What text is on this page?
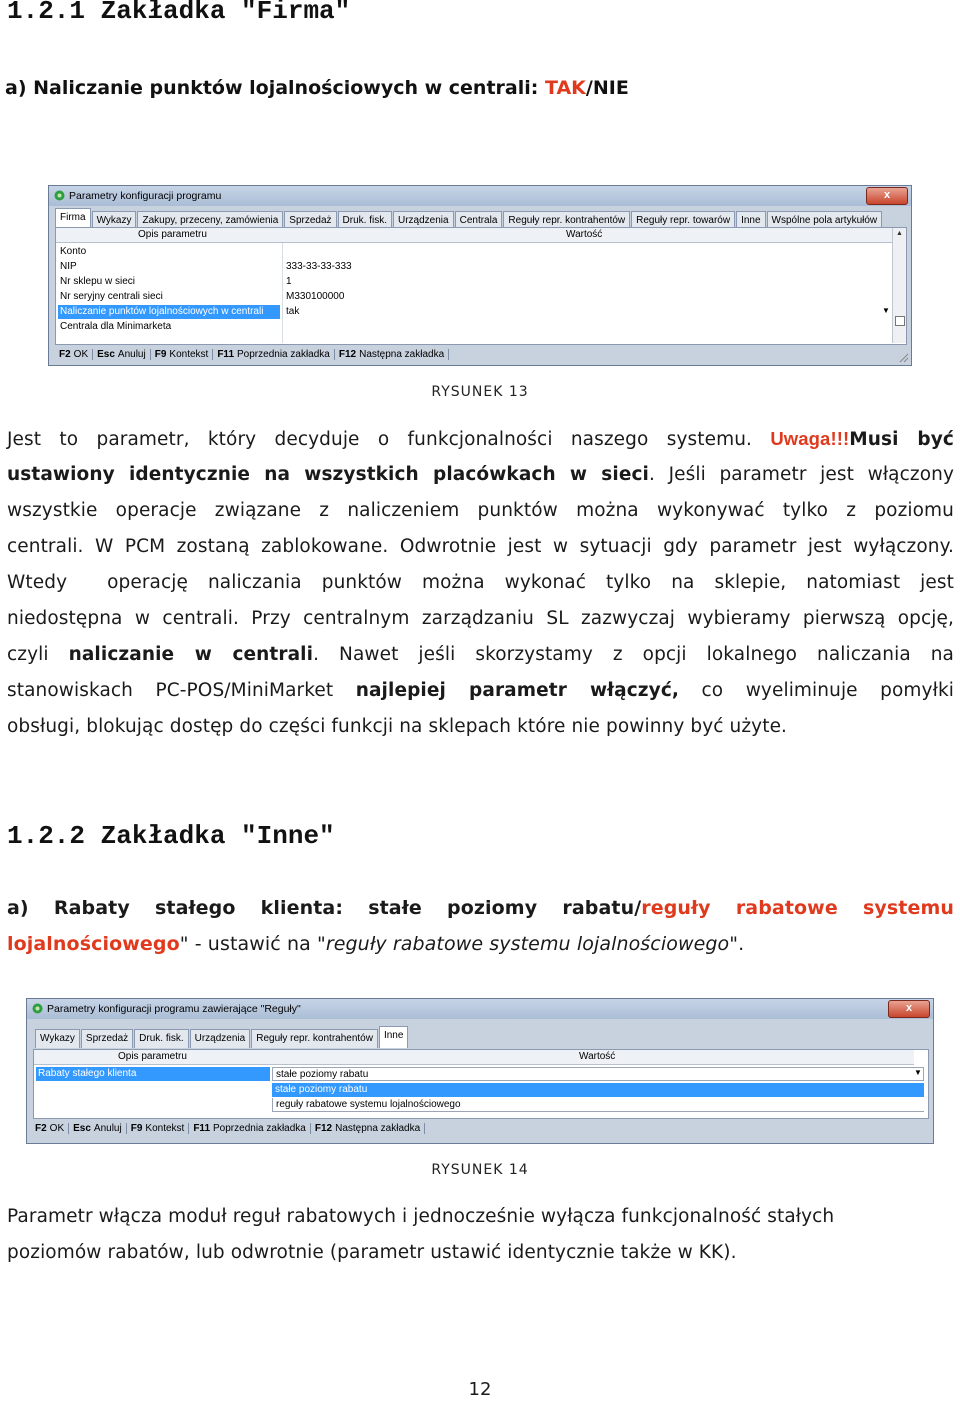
1.2.1 Zakładka "Firma"
a) Naliczanie punktów lojalnościowych w centrali: TAK/NIE
Parametry konfiguracji programu	x
Firma	Wykazy	Zakupy, przeceny, zamówienia	Sprzedaż	Druk. fisk.	Urządzenia	Centrala	Reguły repr. kontrahentów	Reguły repr. towarów	Inne	Wspólne pola artykułów
Opis parametru	Wartość
Konto
NIP	333-33-33-333
Nr sklepu w sieci	1
Nr seryjny centrali sieci	M330100000
Naliczanie punktów lojalnościowych w centrali	tak	▼
Centrala dla Minimarketa
▲
F2 OK Esc Anuluj F9 Kontekst F11 Poprzednia zakładka F12 Następna zakładka
RYSUNEK 13
Jest to parametr, który decyduje o funkcjonalności naszego systemu. Uwaga!!!Musi być
ustawiony identycznie na wszystkich placówkach w sieci. Jeśli parametr jest włączony
wszystkie operacje związane z naliczeniem punktów można wykonywać tylko z poziomu
centrali. W PCM zostaną zablokowane. Odwrotnie jest w sytuacji gdy parametr jest wyłączony.
Wtedy  operację naliczania punktów można wykonać tylko na sklepie, natomiast jest
niedostępna w centrali. Przy centralnym zarządzaniu SL zazwyczaj wybieramy pierwszą opcję,
czyli naliczanie w centrali. Nawet jeśli skorzystamy z opcji lokalnego naliczania na
stanowiskach PC-POS/MiniMarket najlepiej parametr włączyć, co wyeliminuje pomyłki
obsługi, blokując dostęp do części funkcji na sklepach które nie powinny być użyte.
1.2.2 Zakładka "Inne"
a) Rabaty stałego klienta: stałe poziomy rabatu/reguły rabatowe systemu
lojalnościowego" - ustawić na "reguły rabatowe systemu lojalnościowego".
Parametry konfiguracji programu zawierające "Reguły"	x
Wykazy	Sprzedaż	Druk. fisk.	Urządzenia	Reguły repr. kontrahentów	Inne
Opis parametru	Wartość
Rabaty stałego klienta	stałe poziomy rabatu	▼
stałe poziomy rabatu
reguły rabatowe systemu lojalnościowego
F2 OK Esc Anuluj F9 Kontekst F11 Poprzednia zakładka F12 Następna zakładka
RYSUNEK 14
Parametr włącza moduł reguł rabatowych i jednocześnie wyłącza funkcjonalność stałych
poziomów rabatów, lub odwrotnie (parametr ustawić identycznie także w KK).
12
